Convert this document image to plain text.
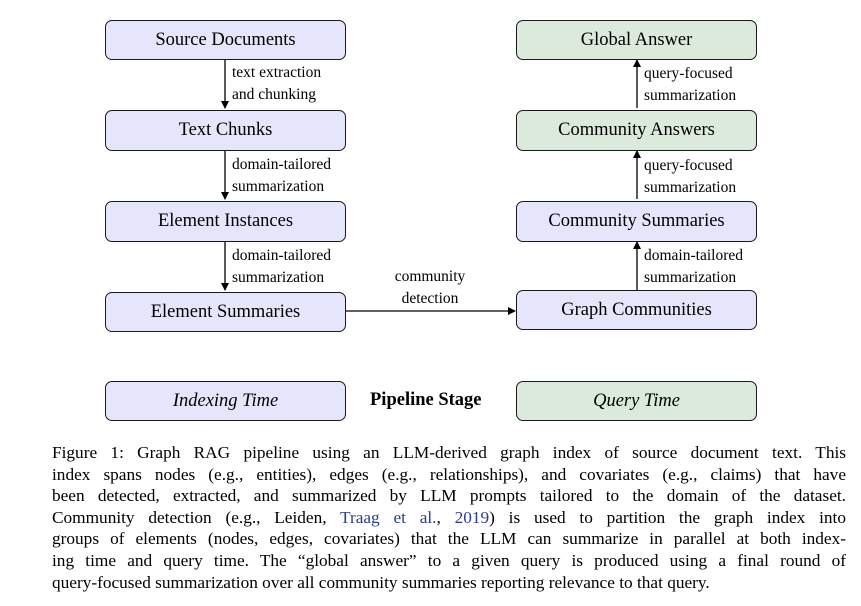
Source Documents
Text Chunks
Element Instances
Element Summaries
text extraction
and chunking
domain-tailored
summarization
domain-tailored
summarization
Global Answer
Community Answers
Community Summaries
Graph Communities
query-focused
summarization
query-focused
summarization
domain-tailored
summarization
community
detection
Indexing Time	Pipeline Stage	Query Time
Figure 1: Graph RAG pipeline using an LLM-derived graph index of source document text. This
index spans nodes (e.g., entities), edges (e.g., relationships), and covariates (e.g., claims) that have
been detected, extracted, and summarized by LLM prompts tailored to the domain of the dataset.
Community detection (e.g., Leiden, Traag et al., 2019) is used to partition the graph index into
groups of elements (nodes, edges, covariates) that the LLM can summarize in parallel at both index-
ing time and query time. The “global answer” to a given query is produced using a final round of
query-focused summarization over all community summaries reporting relevance to that query.
